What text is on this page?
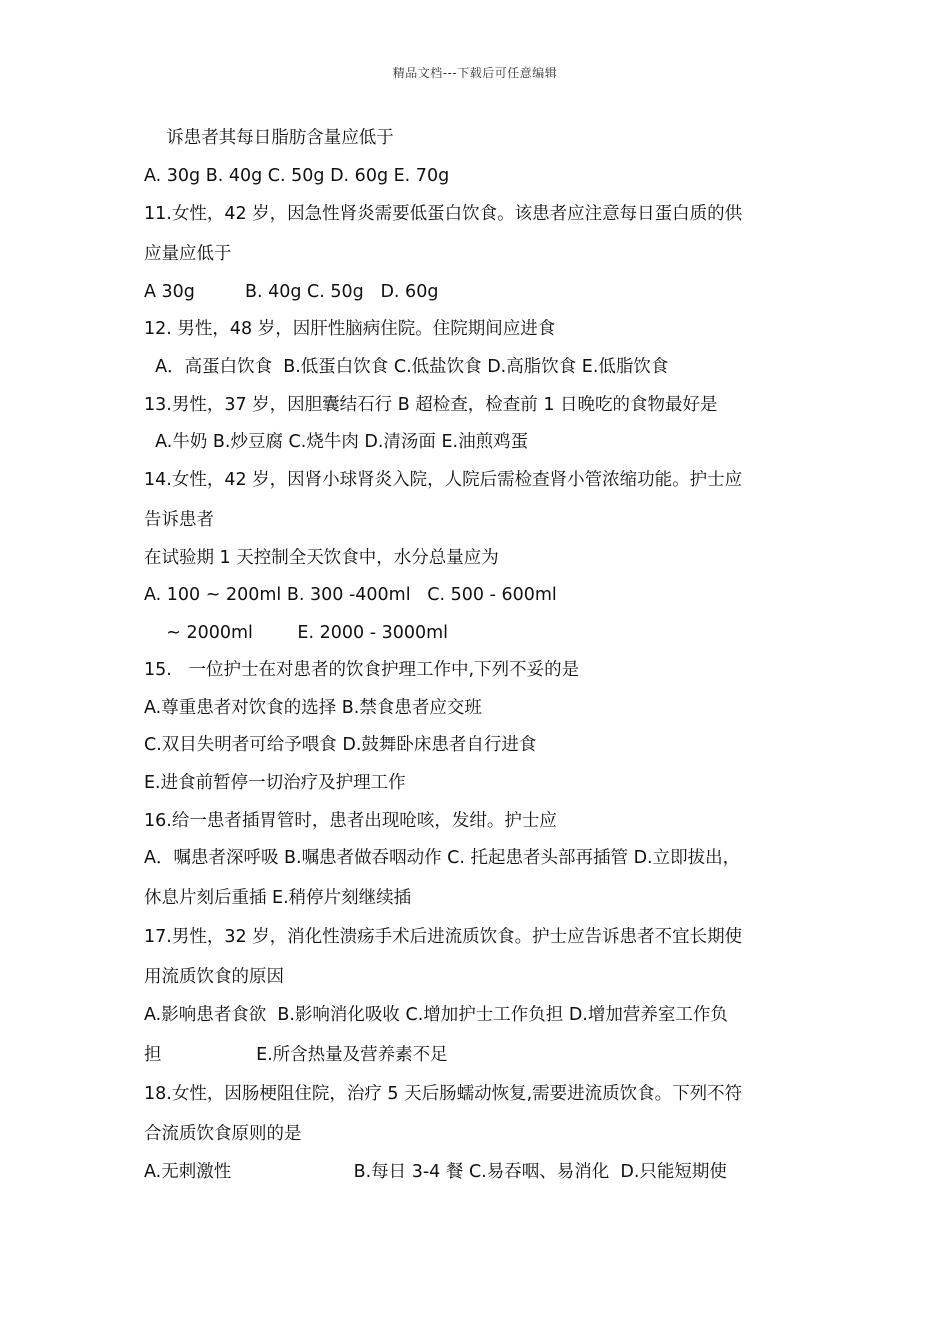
精品文档---下载后可任意编辑
诉患者其每日脂肪含量应低于
A. 30g B. 40g C. 50g D. 60g E. 70g
11.女性，42 岁，因急性肾炎需要低蛋白饮食。该患者应注意每日蛋白质的供
应量应低于
A 30g         B. 40g C. 50g   D. 60g
12. 男性，48 岁，因肝性脑病住院。住院期间应进食
A．高蛋白饮食  B.低蛋白饮食 C.低盐饮食 D.高脂饮食 E.低脂饮食
13.男性，37 岁，因胆囊结石行 B 超检查，检查前 1 日晚吃的食物最好是
A.牛奶 B.炒豆腐 C.烧牛肉 D.清汤面 E.油煎鸡蛋
14.女性，42 岁，因肾小球肾炎入院，人院后需检查肾小管浓缩功能。护士应
告诉患者
在试验期 1 天控制全天饮食中，水分总量应为
A. 100 ~ 200ml B. 300 -400ml   C. 500 - 600ml
~ 2000ml        E. 2000 - 3000ml
15.   一位护士在对患者的饮食护理工作中,下列不妥的是
A.尊重患者对饮食的选择 B.禁食患者应交班
C.双目失明者可给予喂食 D.鼓舞卧床患者自行进食
E.进食前暂停一切治疗及护理工作
16.给一患者插胃管时，患者出现呛咳，发绀。护士应
A．嘱患者深呼吸 B.嘱患者做吞咽动作 C. 托起患者头部再插管 D.立即拔出，
休息片刻后重插 E.稍停片刻继续插
17.男性，32 岁，消化性溃疡手术后进流质饮食。护士应告诉患者不宜长期使
用流质饮食的原因
A.影响患者食欲  B.影响消化吸收 C.增加护士工作负担 D.增加营养室工作负
担                 E.所含热量及营养素不足
18.女性，因肠梗阻住院，治疗 5 天后肠蠕动恢复,需要进流质饮食。下列不符
合流质饮食原则的是
A.无刺激性                      B.每日 3-4 餐 C.易吞咽、易消化  D.只能短期使
